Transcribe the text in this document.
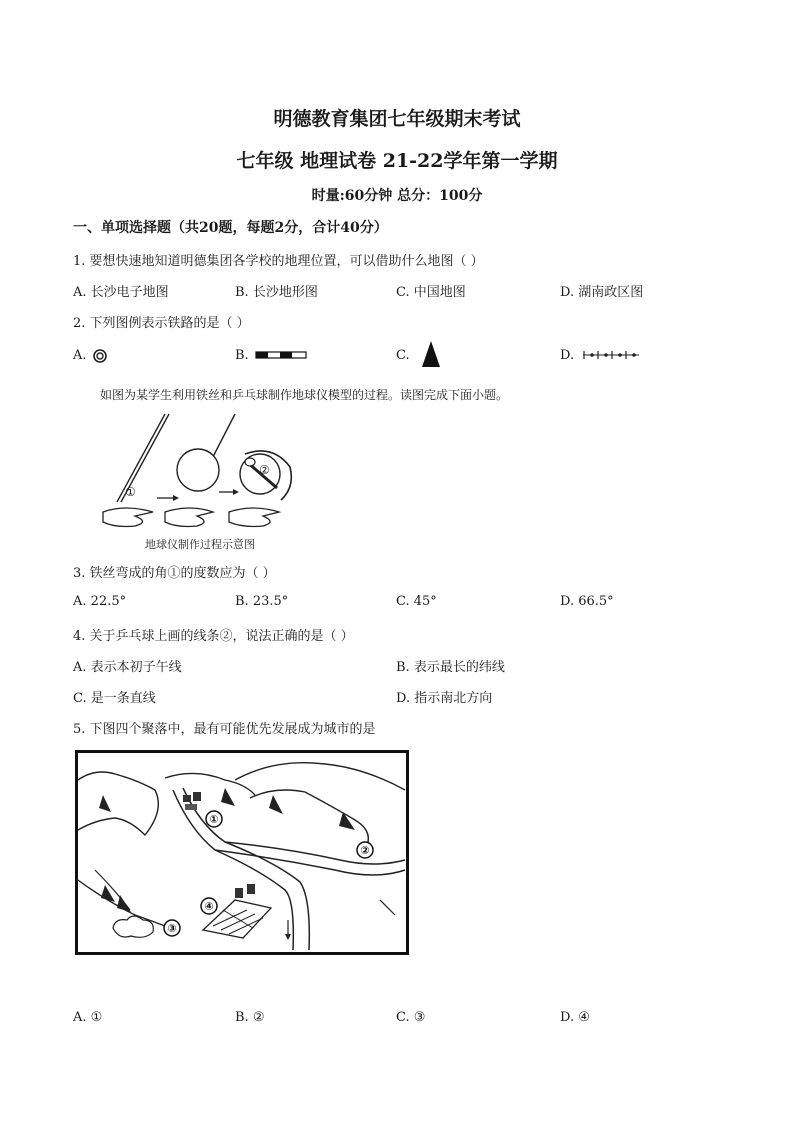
明德教育集团七年级期末考试
七年级 地理试卷 21-22学年第一学期
时量:60分钟 总分：100分
一、单项选择题（共20题，每题2分，合计40分）
1. 要想快速地知道明德集团各学校的地理位置，可以借助什么地图（ ）
A. 长沙电子地图	B. 长沙地形图	C. 中国地图	D. 湖南政区图
2. 下列图例表示铁路的是（ ）
A.	B.	C.	D.
如图为某学生利用铁丝和乒乓球制作地球仪模型的过程。读图完成下面小题。
①
②
地球仪制作过程示意图
3. 铁丝弯成的角①的度数应为（ ）
A. 22.5°	B. 23.5°	C. 45°	D. 66.5°
4. 关于乒乓球上画的线条②，说法正确的是（ ）
A. 表示本初子午线	B. 表示最长的纬线
C. 是一条直线	D. 指示南北方向
5. 下图四个聚落中，最有可能优先发展成为城市的是
①
②
③
④
A. ①	B. ②	C. ③	D. ④
